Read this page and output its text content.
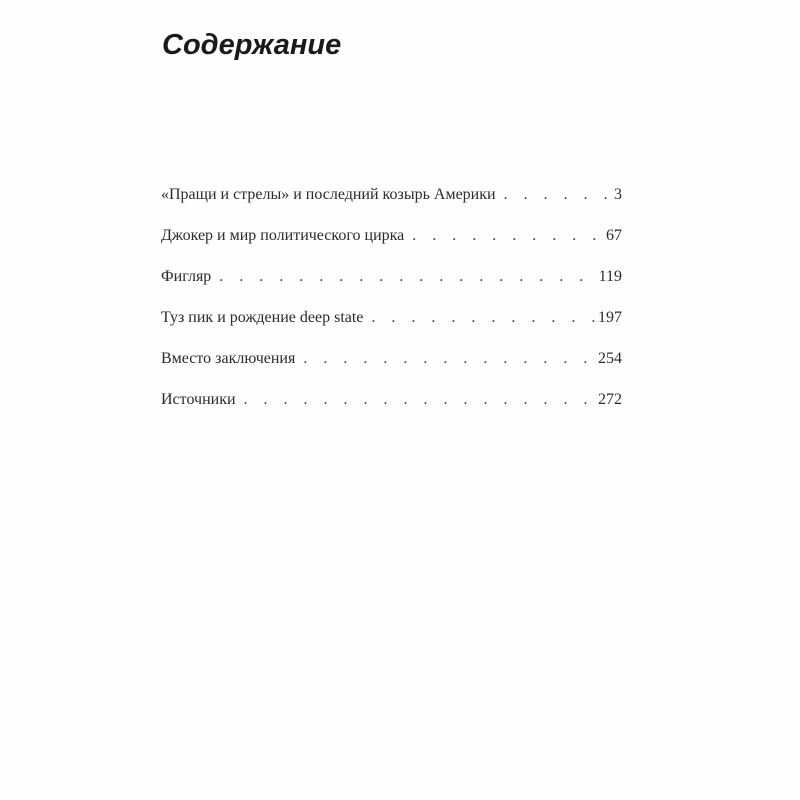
Содержание
«Пращи и стрелы» и последний козырь Америки .	3
Джокер и мир политического цирка .	67
Фигляр .	119
Туз пик и рождение deep state .	197
Вместо заключения .	254
Источники .	272
